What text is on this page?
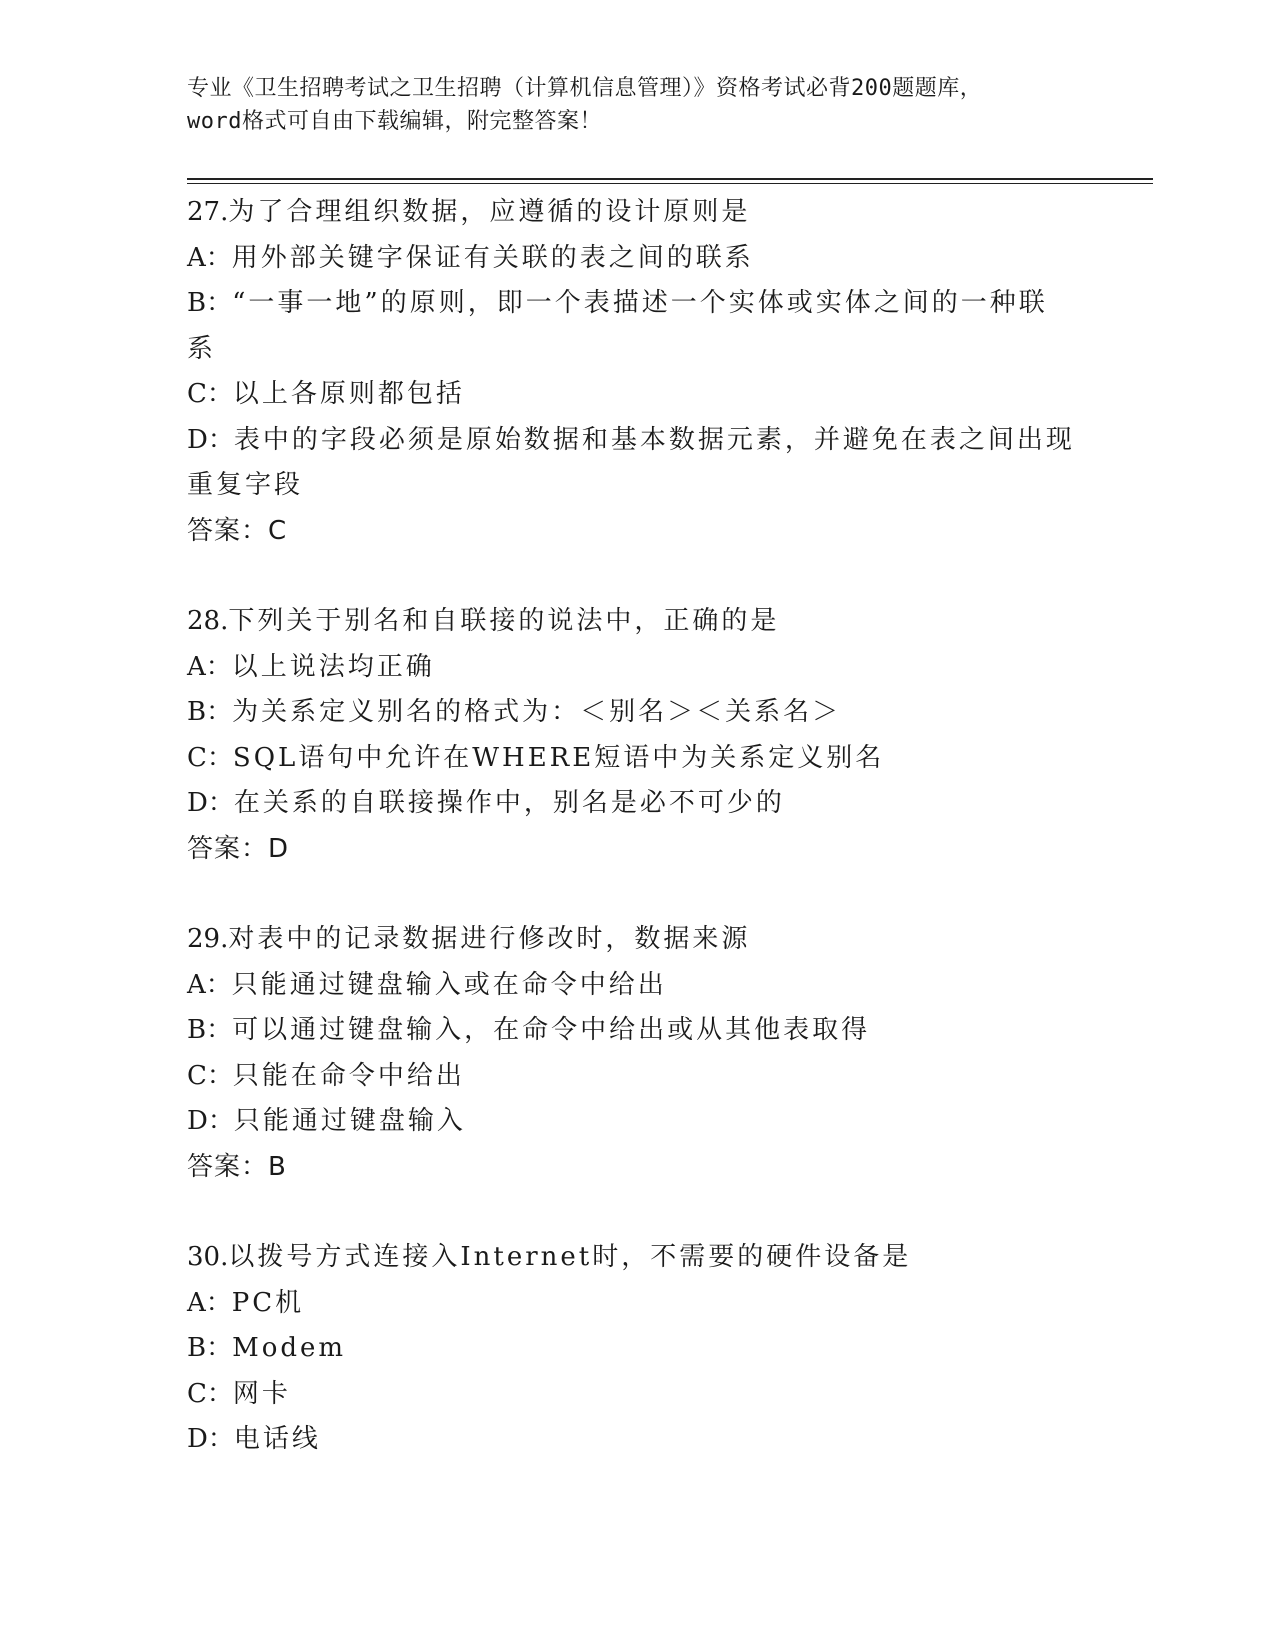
专业《卫生招聘考试之卫生招聘（计算机信息管理）》资格考试必背200题题库，
word格式可自由下载编辑，附完整答案！
27.为了合理组织数据，应遵循的设计原则是
A：用外部关键字保证有关联的表之间的联系
B：“一事一地”的原则，即一个表描述一个实体或实体之间的一种联
系
C：以上各原则都包括
D：表中的字段必须是原始数据和基本数据元素，并避免在表之间出现
重复字段
答案：C
28.下列关于别名和自联接的说法中，正确的是
A：以上说法均正确
B：为关系定义别名的格式为：＜别名＞＜关系名＞
C：SQL语句中允许在WHERE短语中为关系定义别名
D：在关系的自联接操作中，别名是必不可少的
答案：D
29.对表中的记录数据进行修改时，数据来源
A：只能通过键盘输入或在命令中给出
B：可以通过键盘输入，在命令中给出或从其他表取得
C：只能在命令中给出
D：只能通过键盘输入
答案：B
30.以拨号方式连接入Internet时，不需要的硬件设备是
A：PC机
B：Modem
C：网卡
D：电话线
